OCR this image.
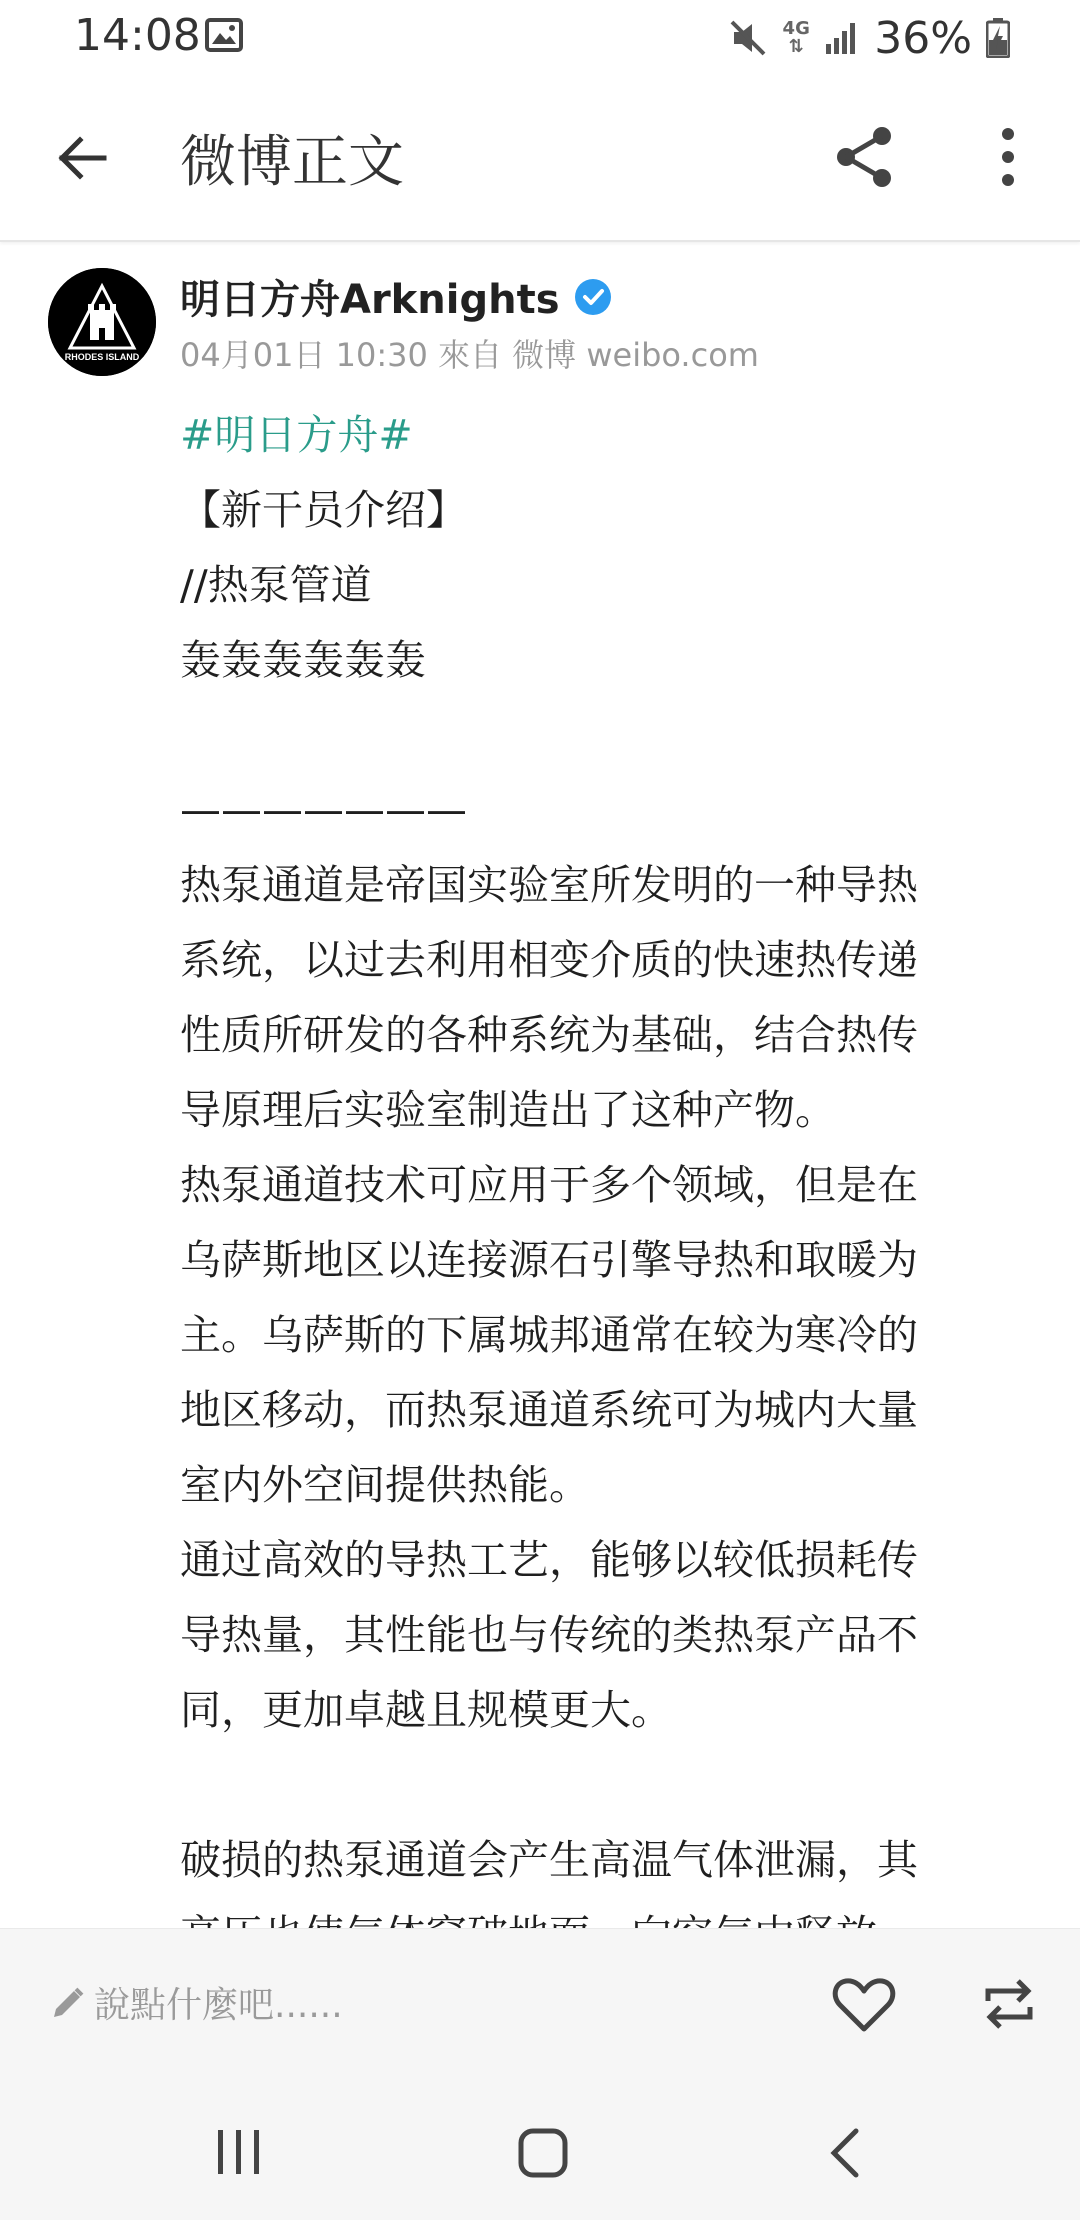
14:08	4G
⇅ 36%
微博正文
RHODES ISLAND
明日方舟Arknights
04月01日 10:30 來自 微博 weibo.com
#明日方舟#
【新干员介绍】
//热泵管道
轰轰轰轰轰轰
———————
热泵通道是帝国实验室所发明的一种导热
系统，以过去利用相变介质的快速热传递
性质所研发的各种系统为基础，结合热传
导原理后实验室制造出了这种产物。
热泵通道技术可应用于多个领域，但是在
乌萨斯地区以连接源石引擎导热和取暖为
主。乌萨斯的下属城邦通常在较为寒冷的
地区移动，而热泵通道系统可为城内大量
室内外空间提供热能。
通过高效的导热工艺，能够以较低损耗传
导热量，其性能也与传统的类热泵产品不
同，更加卓越且规模更大。
破损的热泵通道会产生高温气体泄漏，其
說點什麼吧......
